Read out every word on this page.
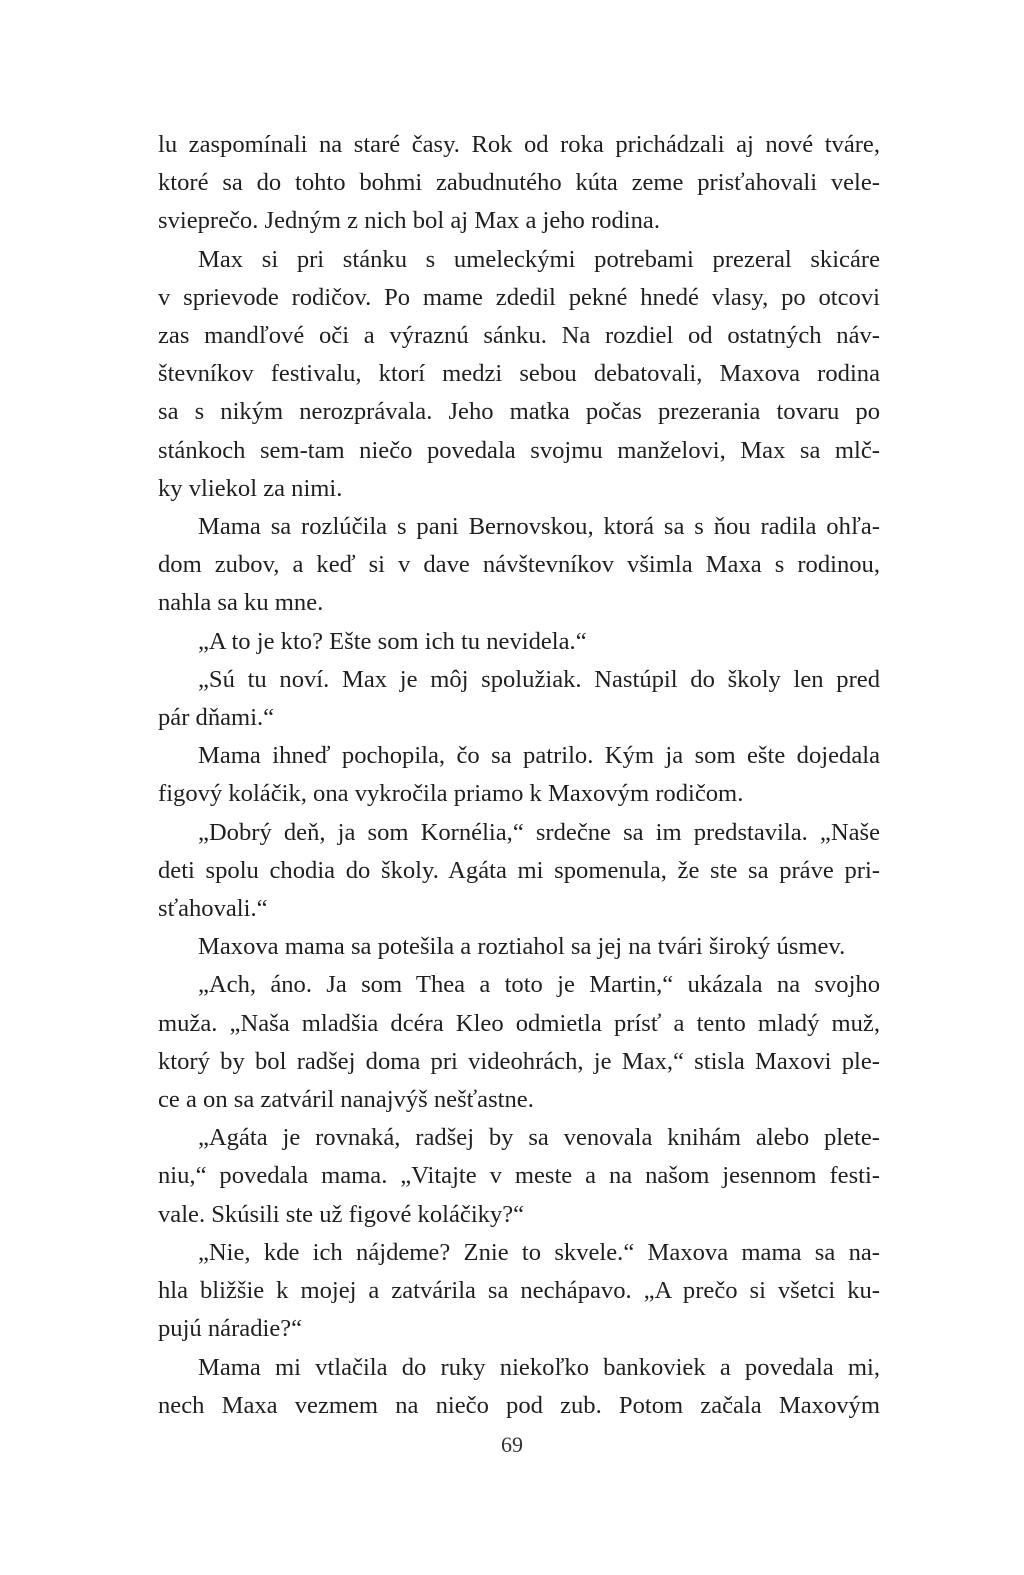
lu zaspomínali na staré časy. Rok od roka prichádzali aj nové tváre,
ktoré sa do tohto bohmi zabudnutého kúta zeme prisťahovali vele-
svieprečo. Jedným z nich bol aj Max a jeho rodina.

Max si pri stánku s umeleckými potrebami prezeral skicáre
v sprievode rodičov. Po mame zdedil pekné hnedé vlasy, po otcovi
zas mandľové oči a výraznú sánku. Na rozdiel od ostatných náv-
števníkov festivalu, ktorí medzi sebou debatovali, Maxova rodina
sa s nikým nerozprávala. Jeho matka počas prezerania tovaru po
stánkoch sem-tam niečo povedala svojmu manželovi, Max sa mlč-
ky vliekol za nimi.

Mama sa rozlúčila s pani Bernovskou, ktorá sa s ňou radila ohľa-
dom zubov, a keď si v dave návštevníkov všimla Maxa s rodinou,
nahla sa ku mne.

„A to je kto? Ešte som ich tu nevidela.“

„Sú tu noví. Max je môj spolužiak. Nastúpil do školy len pred
pár dňami.“

Mama ihneď pochopila, čo sa patrilo. Kým ja som ešte dojedala
figový koláčik, ona vykročila priamo k Maxovým rodičom.

„Dobrý deň, ja som Kornélia,“ srdečne sa im predstavila. „Naše
deti spolu chodia do školy. Agáta mi spomenula, že ste sa práve pri-
sťahovali.“

Maxova mama sa potešila a roztiahol sa jej na tvári široký úsmev.

„Ach, áno. Ja som Thea a toto je Martin,“ ukázala na svojho
muža. „Naša mladšia dcéra Kleo odmietla prísť a tento mladý muž,
ktorý by bol radšej doma pri videohrách, je Max,“ stisla Maxovi ple-
ce a on sa zatváril nanajvýš nešťastne.

„Agáta je rovnaká, radšej by sa venovala knihám alebo plete-
niu,“ povedala mama. „Vitajte v meste a na našom jesennom festi-
vale. Skúsili ste už figové koláčiky?“

„Nie, kde ich nájdeme? Znie to skvele.“ Maxova mama sa na-
hla bližšie k mojej a zatvárila sa nechápavo. „A prečo si všetci ku-
pujú náradie?“

Mama mi vtlačila do ruky niekoľko bankoviek a povedala mi,
nech Maxa vezmem na niečo pod zub. Potom začala Maxovým

69
